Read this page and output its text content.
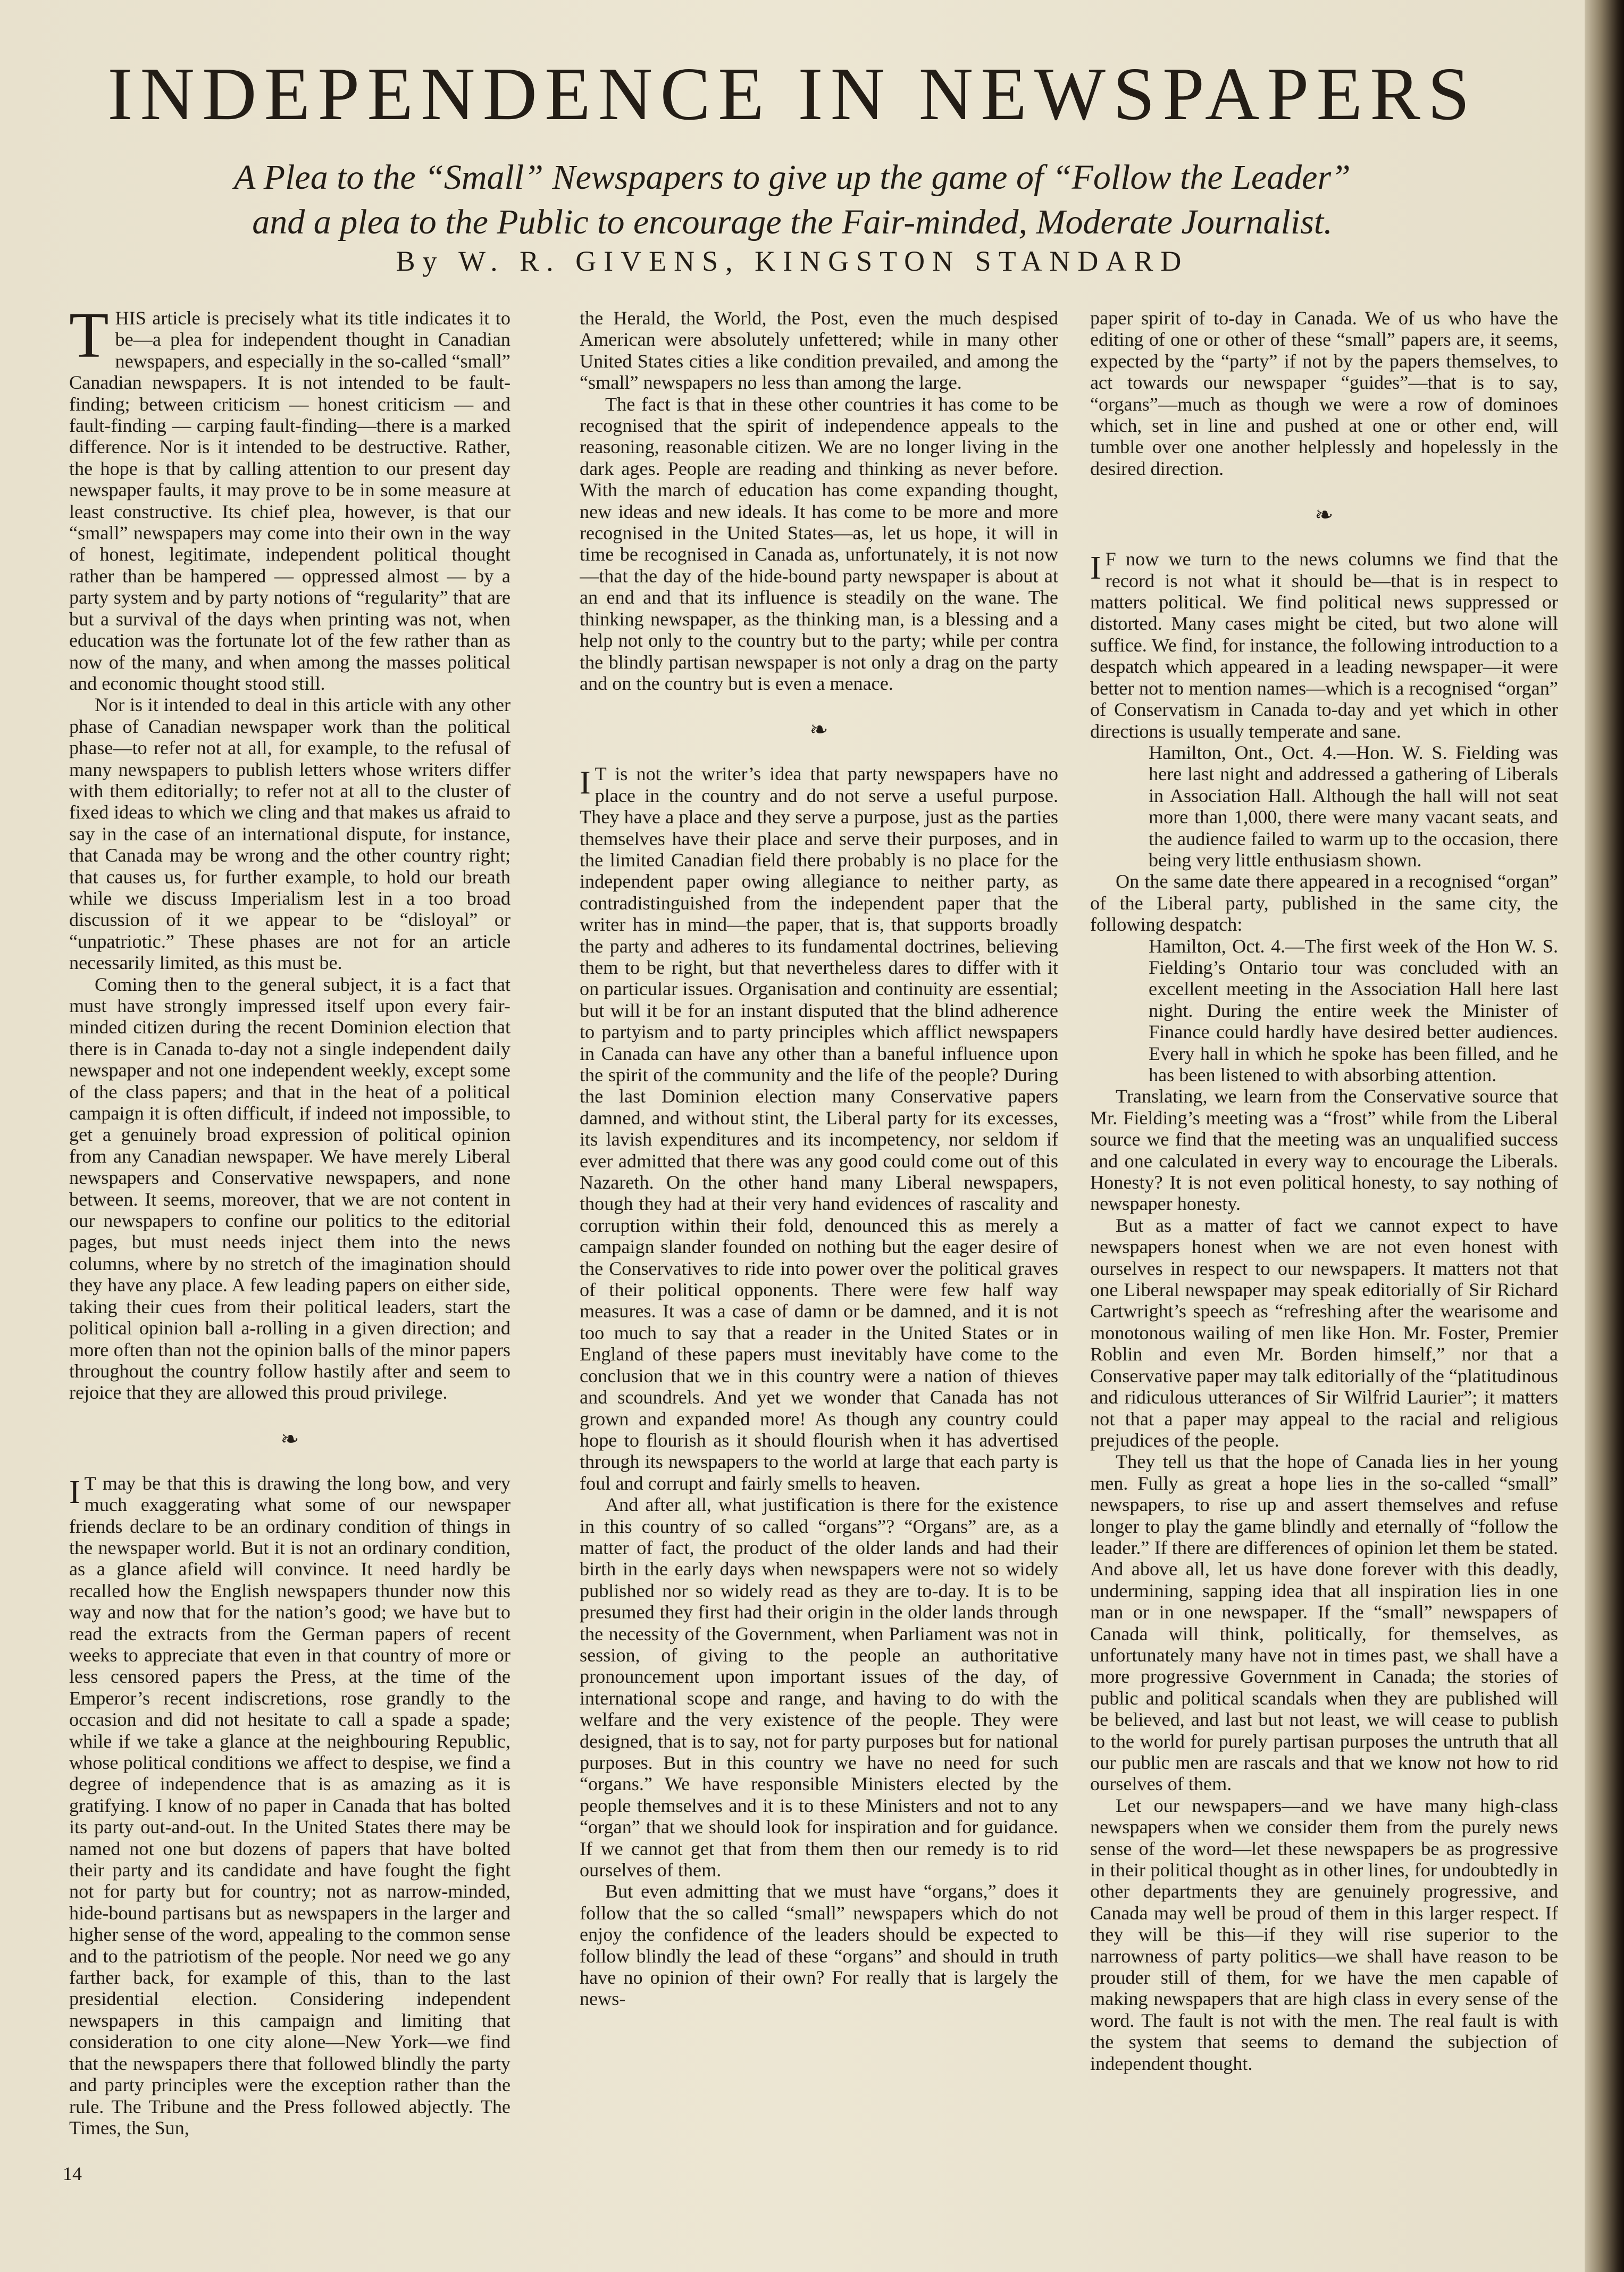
INDEPENDENCE IN NEWSPAPERS
A Plea to the “Small” Newspapers to give up the game of “Follow the Leader”
and a plea to the Public to encourage the Fair-minded, Moderate Journalist.
By W. R. GIVENS, KINGSTON STANDARD

THIS article is precisely what its title indicates it to be—a plea for independent thought in Canadian newspapers, and especially in the so-called “small” Canadian newspapers. It is not intended to be fault-finding; between criticism — honest criticism — and fault-finding — carping fault-finding—there is a marked difference. Nor is it intended to be destructive. Rather, the hope is that by calling attention to our present day newspaper faults, it may prove to be in some measure at least constructive. Its chief plea, however, is that our “small” newspapers may come into their own in the way of honest, legitimate, independent political thought rather than be hampered — oppressed almost — by a party system and by party notions of “regularity” that are but a survival of the days when printing was not, when education was the fortunate lot of the few rather than as now of the many, and when among the masses political and economic thought stood still.

Nor is it intended to deal in this article with any other phase of Canadian newspaper work than the political phase—to refer not at all, for example, to the refusal of many newspapers to publish letters whose writers differ with them editorially; to refer not at all to the cluster of fixed ideas to which we cling and that makes us afraid to say in the case of an international dispute, for instance, that Canada may be wrong and the other country right; that causes us, for further example, to hold our breath while we discuss Imperialism lest in a too broad discussion of it we appear to be “disloyal” or “unpatriotic.” These phases are not for an article necessarily limited, as this must be.

Coming then to the general subject, it is a fact that must have strongly impressed itself upon every fair-minded citizen during the recent Dominion election that there is in Canada to-day not a single independent daily newspaper and not one independent weekly, except some of the class papers; and that in the heat of a political campaign it is often difficult, if indeed not impossible, to get a genuinely broad expression of political opinion from any Canadian newspaper. We have merely Liberal newspapers and Conservative newspapers, and none between. It seems, moreover, that we are not content in our newspapers to confine our politics to the editorial pages, but must needs inject them into the news columns, where by no stretch of the imagination should they have any place. A few leading papers on either side, taking their cues from their political leaders, start the political opinion ball a-rolling in a given direction; and more often than not the opinion balls of the minor papers throughout the country follow hastily after and seem to rejoice that they are allowed this proud privilege.

❧

I T may be that this is drawing the long bow, and very much exaggerating what some of our newspaper friends declare to be an ordinary condition of things in the newspaper world. But it is not an ordinary condition, as a glance afield will convince. It need hardly be recalled how the English newspapers thunder now this way and now that for the nation’s good; we have but to read the extracts from the German papers of recent weeks to appreciate that even in that country of more or less censored papers the Press, at the time of the Emperor’s recent indiscretions, rose grandly to the occasion and did not hesitate to call a spade a spade; while if we take a glance at the neighbouring Republic, whose political conditions we affect to despise, we find a degree of independence that is as amazing as it is gratifying. I know of no paper in Canada that has bolted its party out-and-out. In the United States there may be named not one but dozens of papers that have bolted their party and its candidate and have fought the fight not for party but for country; not as narrow-minded, hide-bound partisans but as newspapers in the larger and higher sense of the word, appealing to the common sense and to the patriotism of the people. Nor need we go any farther back, for example of this, than to the last presidential election. Considering independent newspapers in this campaign and limiting that consideration to one city alone—New York—we find that the newspapers there that followed blindly the party and party principles were the exception rather than the rule. The Tribune and the Press followed abjectly. The Times, the Sun,

the Herald, the World, the Post, even the much despised American were absolutely unfettered; while in many other United States cities a like condition prevailed, and among the “small” newspapers no less than among the large.

The fact is that in these other countries it has come to be recognised that the spirit of independence appeals to the reasoning, reasonable citizen. We are no longer living in the dark ages. People are reading and thinking as never before. With the march of education has come expanding thought, new ideas and new ideals. It has come to be more and more recognised in the United States—as, let us hope, it will in time be recognised in Canada as, unfortunately, it is not now—that the day of the hide-bound party newspaper is about at an end and that its influence is steadily on the wane. The thinking newspaper, as the thinking man, is a blessing and a help not only to the country but to the party; while per contra the blindly partisan newspaper is not only a drag on the party and on the country but is even a menace.

❧

I T is not the writer’s idea that party newspapers have no place in the country and do not serve a useful purpose. They have a place and they serve a purpose, just as the parties themselves have their place and serve their purposes, and in the limited Canadian field there probably is no place for the independent paper owing allegiance to neither party, as contradistinguished from the independent paper that the writer has in mind—the paper, that is, that supports broadly the party and adheres to its fundamental doctrines, believing them to be right, but that nevertheless dares to differ with it on particular issues. Organisation and continuity are essential; but will it be for an instant disputed that the blind adherence to partyism and to party principles which afflict newspapers in Canada can have any other than a baneful influence upon the spirit of the community and the life of the people? During the last Dominion election many Conservative papers damned, and without stint, the Liberal party for its excesses, its lavish expenditures and its incompetency, nor seldom if ever admitted that there was any good could come out of this Nazareth. On the other hand many Liberal newspapers, though they had at their very hand evidences of rascality and corruption within their fold, denounced this as merely a campaign slander founded on nothing but the eager desire of the Conservatives to ride into power over the political graves of their political opponents. There were few half way measures. It was a case of damn or be damned, and it is not too much to say that a reader in the United States or in England of these papers must inevitably have come to the conclusion that we in this country were a nation of thieves and scoundrels. And yet we wonder that Canada has not grown and expanded more! As though any country could hope to flourish as it should flourish when it has advertised through its newspapers to the world at large that each party is foul and corrupt and fairly smells to heaven.

And after all, what justification is there for the existence in this country of so called “organs”? “Organs” are, as a matter of fact, the product of the older lands and had their birth in the early days when newspapers were not so widely published nor so widely read as they are to-day. It is to be presumed they first had their origin in the older lands through the necessity of the Government, when Parliament was not in session, of giving to the people an authoritative pronouncement upon important issues of the day, of international scope and range, and having to do with the welfare and the very existence of the people. They were designed, that is to say, not for party purposes but for national purposes. But in this country we have no need for such “organs.” We have responsible Ministers elected by the people themselves and it is to these Ministers and not to any “organ” that we should look for inspiration and for guidance. If we cannot get that from them then our remedy is to rid ourselves of them.

But even admitting that we must have “organs,” does it follow that the so called “small” newspapers which do not enjoy the confidence of the leaders should be expected to follow blindly the lead of these “organs” and should in truth have no opinion of their own? For really that is largely the news-

paper spirit of to-day in Canada. We of us who have the editing of one or other of these “small” papers are, it seems, expected by the “party” if not by the papers themselves, to act towards our newspaper “guides”—that is to say, “organs”—much as though we were a row of dominoes which, set in line and pushed at one or other end, will tumble over one another helplessly and hopelessly in the desired direction.

❧

I F now we turn to the news columns we find that the record is not what it should be—that is in respect to matters political. We find political news suppressed or distorted. Many cases might be cited, but two alone will suffice. We find, for instance, the following introduction to a despatch which appeared in a leading newspaper—it were better not to mention names—which is a recognised “organ” of Conservatism in Canada to-day and yet which in other directions is usually temperate and sane.

Hamilton, Ont., Oct. 4.—Hon. W. S. Fielding was here last night and addressed a gathering of Liberals in Association Hall. Although the hall will not seat more than 1,000, there were many vacant seats, and the audience failed to warm up to the occasion, there being very little enthusiasm shown.

On the same date there appeared in a recognised “organ” of the Liberal party, published in the same city, the following despatch:

Hamilton, Oct. 4.—The first week of the Hon W. S. Fielding’s Ontario tour was concluded with an excellent meeting in the Association Hall here last night. During the entire week the Minister of Finance could hardly have desired better audiences. Every hall in which he spoke has been filled, and he has been listened to with absorbing attention.

Translating, we learn from the Conservative source that Mr. Fielding’s meeting was a “frost” while from the Liberal source we find that the meeting was an unqualified success and one calculated in every way to encourage the Liberals. Honesty? It is not even political honesty, to say nothing of newspaper honesty.

But as a matter of fact we cannot expect to have newspapers honest when we are not even honest with ourselves in respect to our newspapers. It matters not that one Liberal newspaper may speak editorially of Sir Richard Cartwright’s speech as “refreshing after the wearisome and monotonous wailing of men like Hon. Mr. Foster, Premier Roblin and even Mr. Borden himself,” nor that a Conservative paper may talk editorially of the “platitudinous and ridiculous utterances of Sir Wilfrid Laurier”; it matters not that a paper may appeal to the racial and religious prejudices of the people.

They tell us that the hope of Canada lies in her young men. Fully as great a hope lies in the so-called “small” newspapers, to rise up and assert themselves and refuse longer to play the game blindly and eternally of “follow the leader.” If there are differences of opinion let them be stated. And above all, let us have done forever with this deadly, undermining, sapping idea that all inspiration lies in one man or in one newspaper. If the “small” newspapers of Canada will think, politically, for themselves, as unfortunately many have not in times past, we shall have a more progressive Government in Canada; the stories of public and political scandals when they are published will be believed, and last but not least, we will cease to publish to the world for purely partisan purposes the untruth that all our public men are rascals and that we know not how to rid ourselves of them.

Let our newspapers—and we have many high-class newspapers when we consider them from the purely news sense of the word—let these newspapers be as progressive in their political thought as in other lines, for undoubtedly in other departments they are genuinely progressive, and Canada may well be proud of them in this larger respect. If they will be this—if they will rise superior to the narrowness of party politics—we shall have reason to be prouder still of them, for we have the men capable of making newspapers that are high class in every sense of the word. The fault is not with the men. The real fault is with the system that seems to demand the subjection of independent thought.

14
